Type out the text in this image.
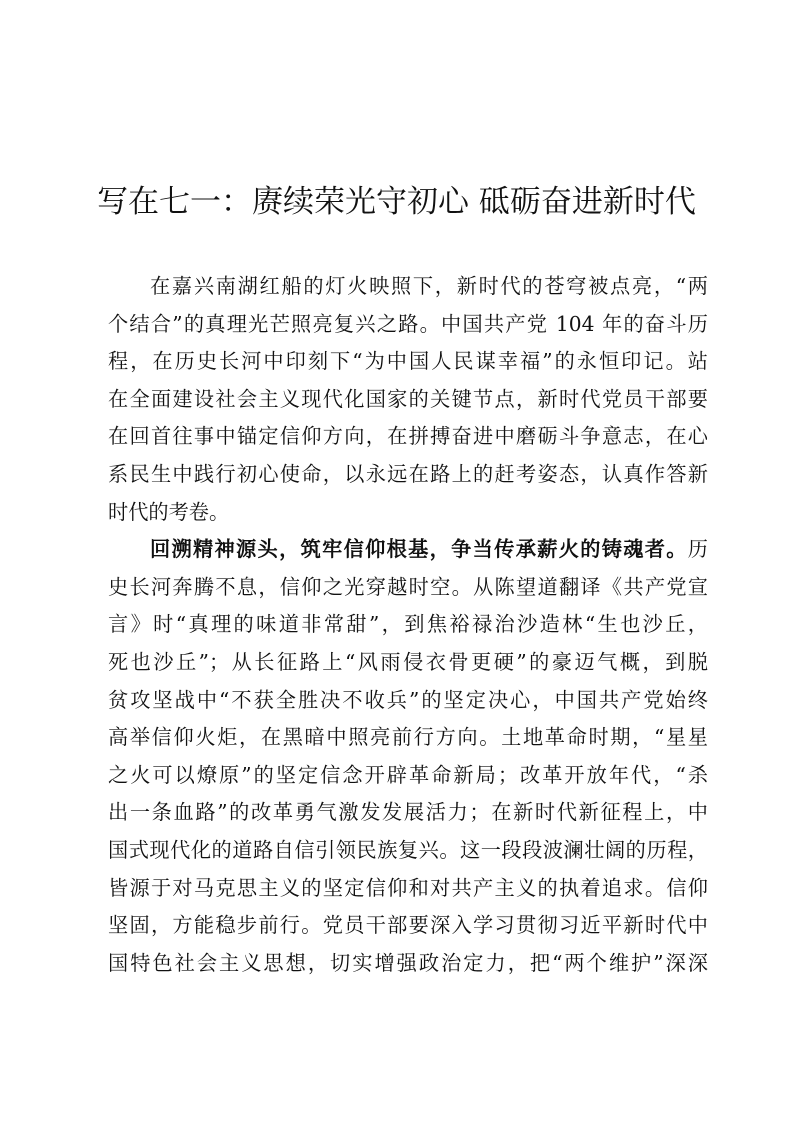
写在七一：赓续荣光守初心 砥砺奋进新时代
在嘉兴南湖红船的灯火映照下，新时代的苍穹被点亮，“两
个结合”的真理光芒照亮复兴之路。中国共产党 104 年的奋斗历
程，在历史长河中印刻下“为中国人民谋幸福”的永恒印记。站
在全面建设社会主义现代化国家的关键节点，新时代党员干部要
在回首往事中锚定信仰方向，在拼搏奋进中磨砺斗争意志，在心
系民生中践行初心使命，以永远在路上的赶考姿态，认真作答新
时代的考卷。
回溯精神源头，筑牢信仰根基，争当传承薪火的铸魂者。历
史长河奔腾不息，信仰之光穿越时空。从陈望道翻译《共产党宣
言》时“真理的味道非常甜”，到焦裕禄治沙造林“生也沙丘，
死也沙丘”；从长征路上“风雨侵衣骨更硬”的豪迈气概，到脱
贫攻坚战中“不获全胜决不收兵”的坚定决心，中国共产党始终
高举信仰火炬，在黑暗中照亮前行方向。土地革命时期，“星星
之火可以燎原”的坚定信念开辟革命新局；改革开放年代，“杀
出一条血路”的改革勇气激发发展活力；在新时代新征程上，中
国式现代化的道路自信引领民族复兴。这一段段波澜壮阔的历程，
皆源于对马克思主义的坚定信仰和对共产主义的执着追求。信仰
坚固，方能稳步前行。党员干部要深入学习贯彻习近平新时代中
国特色社会主义思想，切实增强政治定力，把“两个维护”深深
